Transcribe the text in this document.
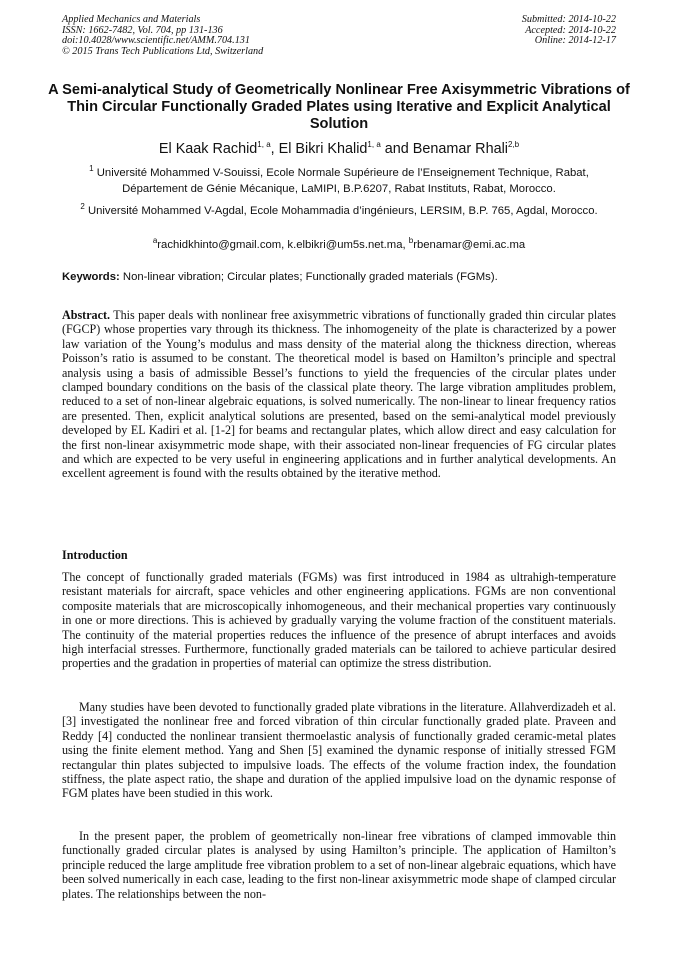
Applied Mechanics and Materials
ISSN: 1662-7482, Vol. 704, pp 131-136
doi:10.4028/www.scientific.net/AMM.704.131
© 2015 Trans Tech Publications Ltd, Switzerland
Submitted: 2014-10-22
Accepted: 2014-10-22
Online: 2014-12-17
A Semi-analytical Study of Geometrically Nonlinear Free Axisymmetric Vibrations of Thin Circular Functionally Graded Plates using Iterative and Explicit Analytical Solution
El Kaak Rachid$^{1, a}$, El Bikri Khalid$^{1, a}$ and Benamar Rhali$^{2,b}$
$^1$ Université Mohammed V-Souissi, Ecole Normale Supérieure de l’Enseignement Technique, Rabat, Département de Génie Mécanique, LaMIPI, B.P.6207, Rabat Instituts, Rabat, Morocco.
$^2$ Université Mohammed V-Agdal, Ecole Mohammadia d’ingénieurs, LERSIM, B.P. 765, Agdal, Morocco.
$^a$rachidkhinto@gmail.com, k.elbikri@um5s.net.ma, $^b$rbenamar@emi.ac.ma
Keywords: Non-linear vibration; Circular plates; Functionally graded materials (FGMs).
Abstract. This paper deals with nonlinear free axisymmetric vibrations of functionally graded thin circular plates (FGCP) whose properties vary through its thickness. The inhomogeneity of the plate is characterized by a power law variation of the Young’s modulus and mass density of the material along the thickness direction, whereas Poisson’s ratio is assumed to be constant. The theoretical model is based on Hamilton’s principle and spectral analysis using a basis of admissible Bessel’s functions to yield the frequencies of the circular plates under clamped boundary conditions on the basis of the classical plate theory. The large vibration amplitudes problem, reduced to a set of non-linear algebraic equations, is solved numerically. The non-linear to linear frequency ratios are presented. Then, explicit analytical solutions are presented, based on the semi-analytical model previously developed by EL Kadiri et al. [1-2] for beams and rectangular plates, which allow direct and easy calculation for the first non-linear axisymmetric mode shape, with their associated non-linear frequencies of FG circular plates and which are expected to be very useful in engineering applications and in further analytical developments. An excellent agreement is found with the results obtained by the iterative method.
Introduction

The concept of functionally graded materials (FGMs) was first introduced in 1984 as ultrahigh-temperature resistant materials for aircraft, space vehicles and other engineering applications. FGMs are non conventional composite materials that are microscopically inhomogeneous, and their mechanical properties vary continuously in one or more directions. This is achieved by gradually varying the volume fraction of the constituent materials. The continuity of the material properties reduces the influence of the presence of abrupt interfaces and avoids high interfacial stresses. Furthermore, functionally graded materials can be tailored to achieve particular desired properties and the gradation in properties of material can optimize the stress distribution.

Many studies have been devoted to functionally graded plate vibrations in the literature. Allahverdizadeh et al. [3] investigated the nonlinear free and forced vibration of thin circular functionally graded plate. Praveen and Reddy [4] conducted the nonlinear transient thermoelastic analysis of functionally graded ceramic-metal plates using the finite element method. Yang and Shen [5] examined the dynamic response of initially stressed FGM rectangular thin plates subjected to impulsive loads. The effects of the volume fraction index, the foundation stiffness, the plate aspect ratio, the shape and duration of the applied impulsive load on the dynamic response of FGM plates have been studied in this work.

In the present paper, the problem of geometrically non-linear free vibrations of clamped immovable thin functionally graded circular plates is analysed by using Hamilton’s principle. The application of Hamilton’s principle reduced the large amplitude free vibration problem to a set of non-linear algebraic equations, which have been solved numerically in each case, leading to the first non-linear axisymmetric mode shape of clamped circular plates. The relationships between the non-
